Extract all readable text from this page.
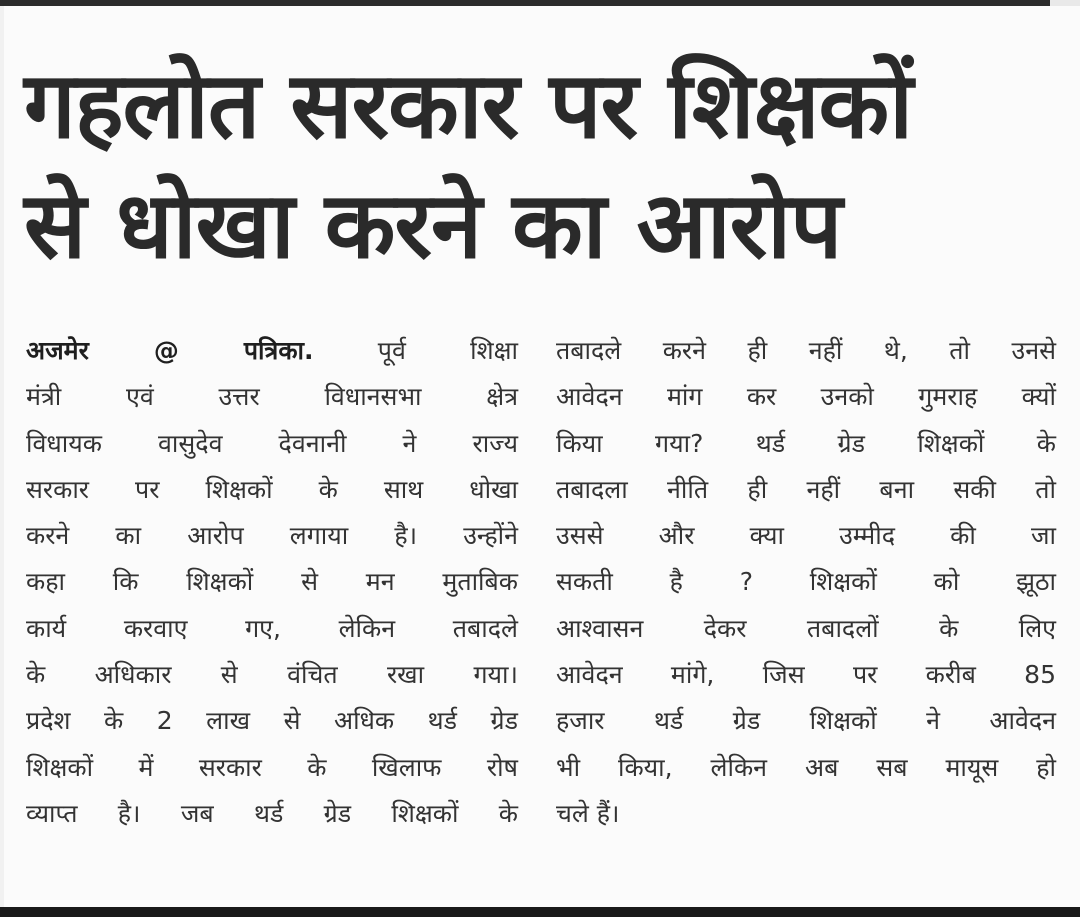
गहलोत सरकार पर शिक्षकों
से धोखा करने का आरोप
अजमेर @ पत्रिका.	पूर्व शिक्षा
मंत्री एवं उत्तर विधानसभा क्षेत्र
विधायक वासुदेव देवनानी ने राज्य
सरकार पर शिक्षकों के साथ धोखा
करने का आरोप लगाया है। उन्होंने
कहा कि शिक्षकों से मन मुताबिक
कार्य करवाए गए, लेकिन तबादले
के अधिकार से वंचित रखा गया।
प्रदेश के 2 लाख से अधिक थर्ड ग्रेड
शिक्षकों में सरकार के खिलाफ रोष
व्याप्त है। जब थर्ड ग्रेड शिक्षकों के
तबादले करने ही नहीं थे, तो उनसे
आवेदन मांग कर उनको गुमराह क्यों
किया गया? थर्ड ग्रेड शिक्षकों के
तबादला नीति ही नहीं बना सकी तो
उससे और क्या उम्मीद की जा
सकती है ? शिक्षकों को झूठा
आश्वासन देकर तबादलों के लिए
आवेदन मांगे, जिस पर करीब 85
हजार थर्ड ग्रेड शिक्षकों ने आवेदन
भी किया, लेकिन अब सब मायूस हो
चले हैं।
